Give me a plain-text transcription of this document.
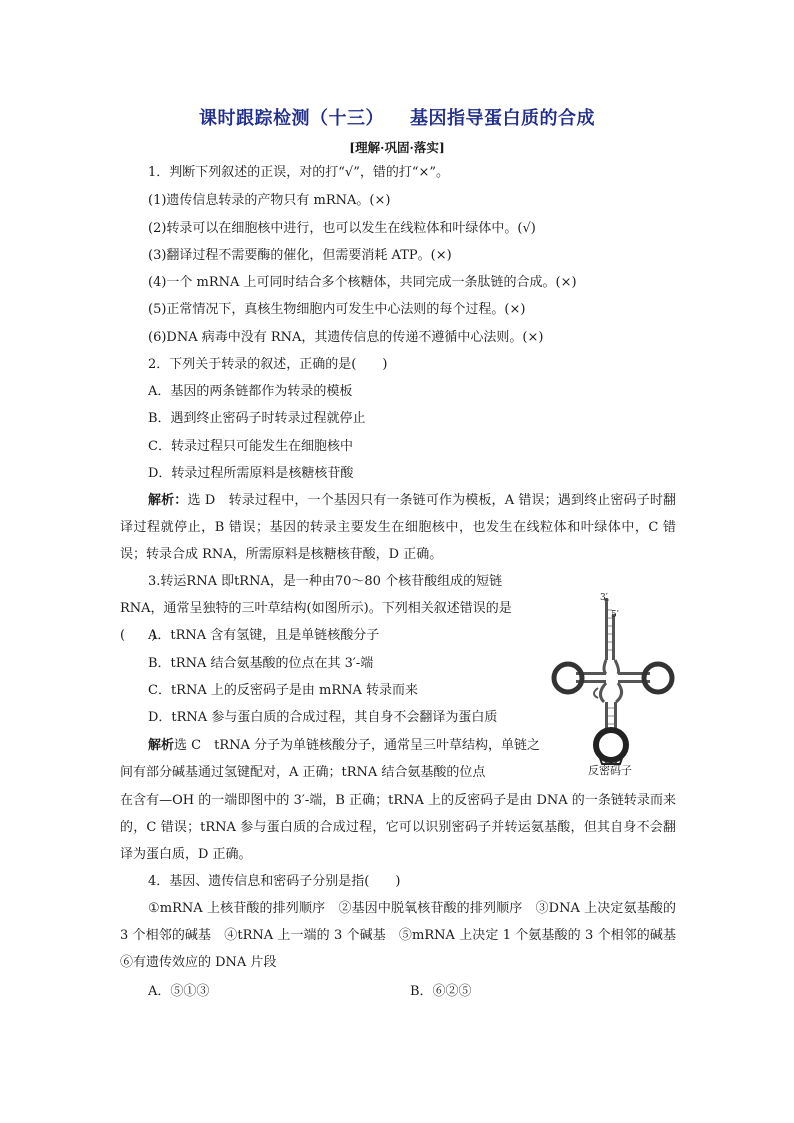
课时跟踪检测（十三） 基因指导蛋白质的合成
[理解·巩固·落实]
1．判断下列叙述的正误，对的打“√”，错的打“×”。
(1)遗传信息转录的产物只有 mRNA。(×)
(2)转录可以在细胞核中进行，也可以发生在线粒体和叶绿体中。(√)
(3)翻译过程不需要酶的催化，但需要消耗 ATP。(×)
(4)一个 mRNA 上可同时结合多个核糖体，共同完成一条肽链的合成。(×)
(5)正常情况下，真核生物细胞内可发生中心法则的每个过程。(×)
(6)DNA 病毒中没有 RNA，其遗传信息的传递不遵循中心法则。(×)
2．下列关于转录的叙述，正确的是(　　)
A．基因的两条链都作为转录的模板
B．遇到终止密码子时转录过程就停止
C．转录过程只可能发生在细胞核中
D．转录过程所需原料是核糖核苷酸
解析：选 D　转录过程中，一个基因只有一条链可作为模板，A 错误；遇到终止密码子时翻译过程就停止，B 错误；基因的转录主要发生在细胞核中，也发生在线粒体和叶绿体中，C 错误；转录合成 RNA，所需原料是核糖核苷酸，D 正确。
3.转运RNA 即tRNA，是一种由70～80 个核苷酸组成的短链RNA，通常呈独特的三叶草结构(如图所示)。下列相关叙述错误的是(　　)
A．tRNA 含有氢键，且是单链核酸分子
B．tRNA 结合氨基酸的位点在其 3′-端
C．tRNA 上的反密码子是由 mRNA 转录而来
D．tRNA 参与蛋白质的合成过程，其自身不会翻译为蛋白质
解析选 C　tRNA 分子为单链核酸分子，通常呈三叶草结构，单链之间有部分碱基通过氢键配对，A 正确；tRNA 结合氨基酸的位点
在含有—OH 的一端即图中的 3′-端，B 正确；tRNA 上的反密码子是由 DNA 的一条链转录而来的，C 错误；tRNA 参与蛋白质的合成过程，它可以识别密码子并转运氨基酸，但其自身不会翻译为蛋白质，D 正确。
3′
5′
反密码子
4．基因、遗传信息和密码子分别是指(　　)
①mRNA 上核苷酸的排列顺序　②基因中脱氧核苷酸的排列顺序　③DNA 上决定氨基酸的 3 个相邻的碱基　④tRNA 上一端的 3 个碱基　⑤mRNA 上决定 1 个氨基酸的 3 个相邻的碱基　⑥有遗传效应的 DNA 片段
A．⑤①③	B．⑥②⑤
